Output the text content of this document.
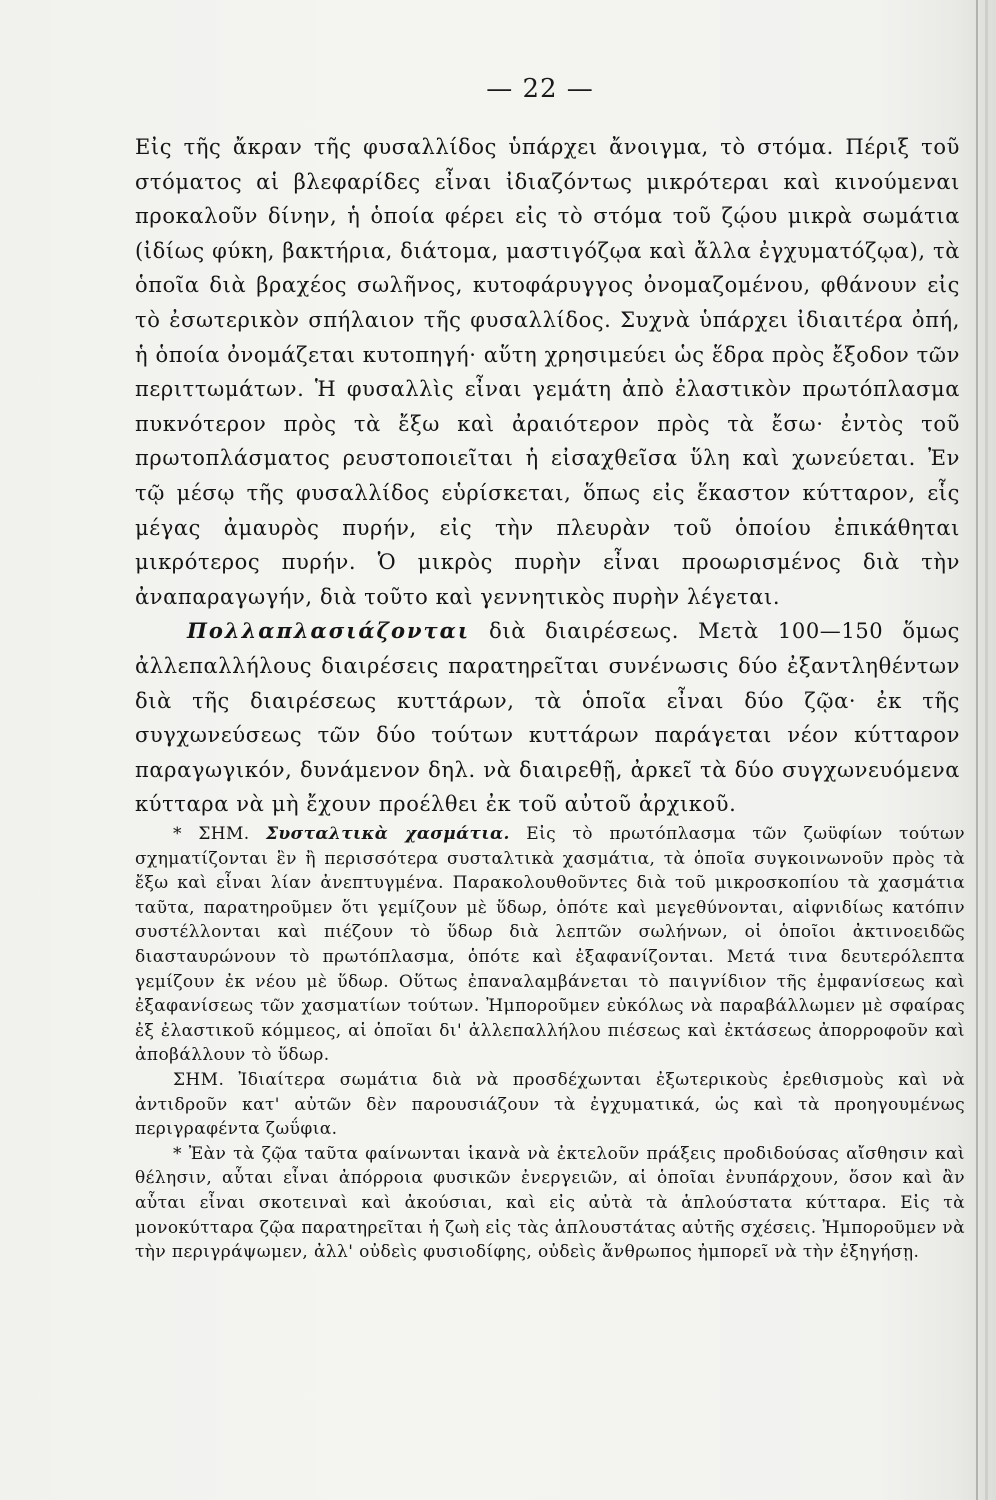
— 22 —

Εἰς τῆς ἄκραν τῆς φυσαλλίδος ὑπάρχει ἄνοιγμα, τὸ στόμα. Πέριξ τοῦ στόματος αἱ βλεφαρίδες εἶναι ἰδιαζόντως μικρότεραι καὶ κινούμεναι προκαλοῦν δίνην, ἡ ὁποία φέρει εἰς τὸ στόμα τοῦ ζῴου μικρὰ σωμάτια (ἰδίως φύκη, βακτήρια, διάτομα, μαστιγόζῳα καὶ ἄλλα ἐγχυματόζῳα), τὰ ὁποῖα διὰ βραχέος σωλῆνος, κυτοφάρυγγος ὀνομαζομένου, φθάνουν εἰς τὸ ἐσωτερικὸν σπήλαιον τῆς φυσαλλίδος. Συχνὰ ὑπάρχει ἰδιαιτέρα ὀπή, ἡ ὁποία ὀνομάζεται κυτοπηγή· αὕτη χρησιμεύει ὡς ἕδρα πρὸς ἔξοδον τῶν περιττωμάτων. Ἡ φυσαλλὶς εἶναι γεμάτη ἀπὸ ἐλαστικὸν πρωτόπλασμα πυκνότερον πρὸς τὰ ἔξω καὶ ἀραιότερον πρὸς τὰ ἔσω· ἐντὸς τοῦ πρωτοπλάσματος ρευστοποιεῖται ἡ εἰσαχθεῖσα ὕλη καὶ χωνεύεται. Ἐν τῷ μέσῳ τῆς φυσαλλίδος εὑρίσκεται, ὅπως εἰς ἕκαστον κύτταρον, εἷς μέγας ἀμαυρὸς πυρήν, εἰς τὴν πλευρὰν τοῦ ὁποίου ἐπικάθηται μικρότερος πυρήν. Ὁ μικρὸς πυρὴν εἶναι προωρισμένος διὰ τὴν ἀναπαραγωγήν, διὰ τοῦτο καὶ γεννητικὸς πυρὴν λέγεται.

Πολλαπλασιάζονται διὰ διαιρέσεως. Μετὰ 100—150 ὅμως ἀλλεπαλλήλους διαιρέσεις παρατηρεῖται συνένωσις δύο ἐξαντληθέντων διὰ τῆς διαιρέσεως κυττάρων, τὰ ὁποῖα εἶναι δύο ζῷα· ἐκ τῆς συγχωνεύσεως τῶν δύο τούτων κυττάρων παράγεται νέον κύτταρον παραγωγικόν, δυνάμενον δηλ. νὰ διαιρεθῇ, ἀρκεῖ τὰ δύο συγχωνευόμενα κύτταρα νὰ μὴ ἔχουν προέλθει ἐκ τοῦ αὐτοῦ ἀρχικοῦ.

* ΣΗΜ. Συσταλτικὰ χασμάτια. Εἰς τὸ πρωτόπλασμα τῶν ζωϋφίων τούτων σχηματίζονται ἓν ἢ περισσότερα συσταλτικὰ χασμάτια, τὰ ὁποῖα συγκοινωνοῦν πρὸς τὰ ἔξω καὶ εἶναι λίαν ἀνεπτυγμένα. Παρακολουθοῦντες διὰ τοῦ μικροσκοπίου τὰ χασμάτια ταῦτα, παρατηροῦμεν ὅτι γεμίζουν μὲ ὕδωρ, ὁπότε καὶ μεγεθύνονται, αἰφνιδίως κατόπιν συστέλλονται καὶ πιέζουν τὸ ὕδωρ διὰ λεπτῶν σωλήνων, οἱ ὁποῖοι ἀκτινοειδῶς διασταυρώνουν τὸ πρωτόπλασμα, ὁπότε καὶ ἐξαφανίζονται. Μετά τινα δευτερόλεπτα γεμίζουν ἐκ νέου μὲ ὕδωρ. Οὕτως ἐπαναλαμβάνεται τὸ παιγνίδιον τῆς ἐμφανίσεως καὶ ἐξαφανίσεως τῶν χασματίων τούτων. Ἠμποροῦμεν εὐκόλως νὰ παραβάλλωμεν μὲ σφαίρας ἐξ ἐλαστικοῦ κόμμεος, αἱ ὁποῖαι δι' ἀλλεπαλλήλου πιέσεως καὶ ἐκτάσεως ἀπορροφοῦν καὶ ἀποβάλλουν τὸ ὕδωρ.

ΣΗΜ. Ἰδιαίτερα σωμάτια διὰ νὰ προσδέχωνται ἐξωτερικοὺς ἐρεθισμοὺς καὶ νὰ ἀντιδροῦν κατ' αὐτῶν δὲν παρουσιάζουν τὰ ἐγχυματικά, ὡς καὶ τὰ προηγουμένως περιγραφέντα ζωΰφια.

* Ἐὰν τὰ ζῷα ταῦτα φαίνωνται ἱκανὰ νὰ ἐκτελοῦν πράξεις προδιδούσας αἴσθησιν καὶ θέλησιν, αὗται εἶναι ἀπόρροια φυσικῶν ἐνεργειῶν, αἱ ὁποῖαι ἐνυπάρχουν, ὅσον καὶ ἂν αὗται εἶναι σκοτειναὶ καὶ ἀκούσιαι, καὶ εἰς αὐτὰ τὰ ἁπλούστατα κύτταρα. Εἰς τὰ μονοκύτταρα ζῷα παρατηρεῖται ἡ ζωὴ εἰς τὰς ἁπλουστάτας αὐτῆς σχέσεις. Ἠμποροῦμεν νὰ τὴν περιγράψωμεν, ἀλλ' οὐδεὶς φυσιοδίφης, οὐδεὶς ἄνθρωπος ἠμπορεῖ νὰ τὴν ἐξηγήσῃ.
